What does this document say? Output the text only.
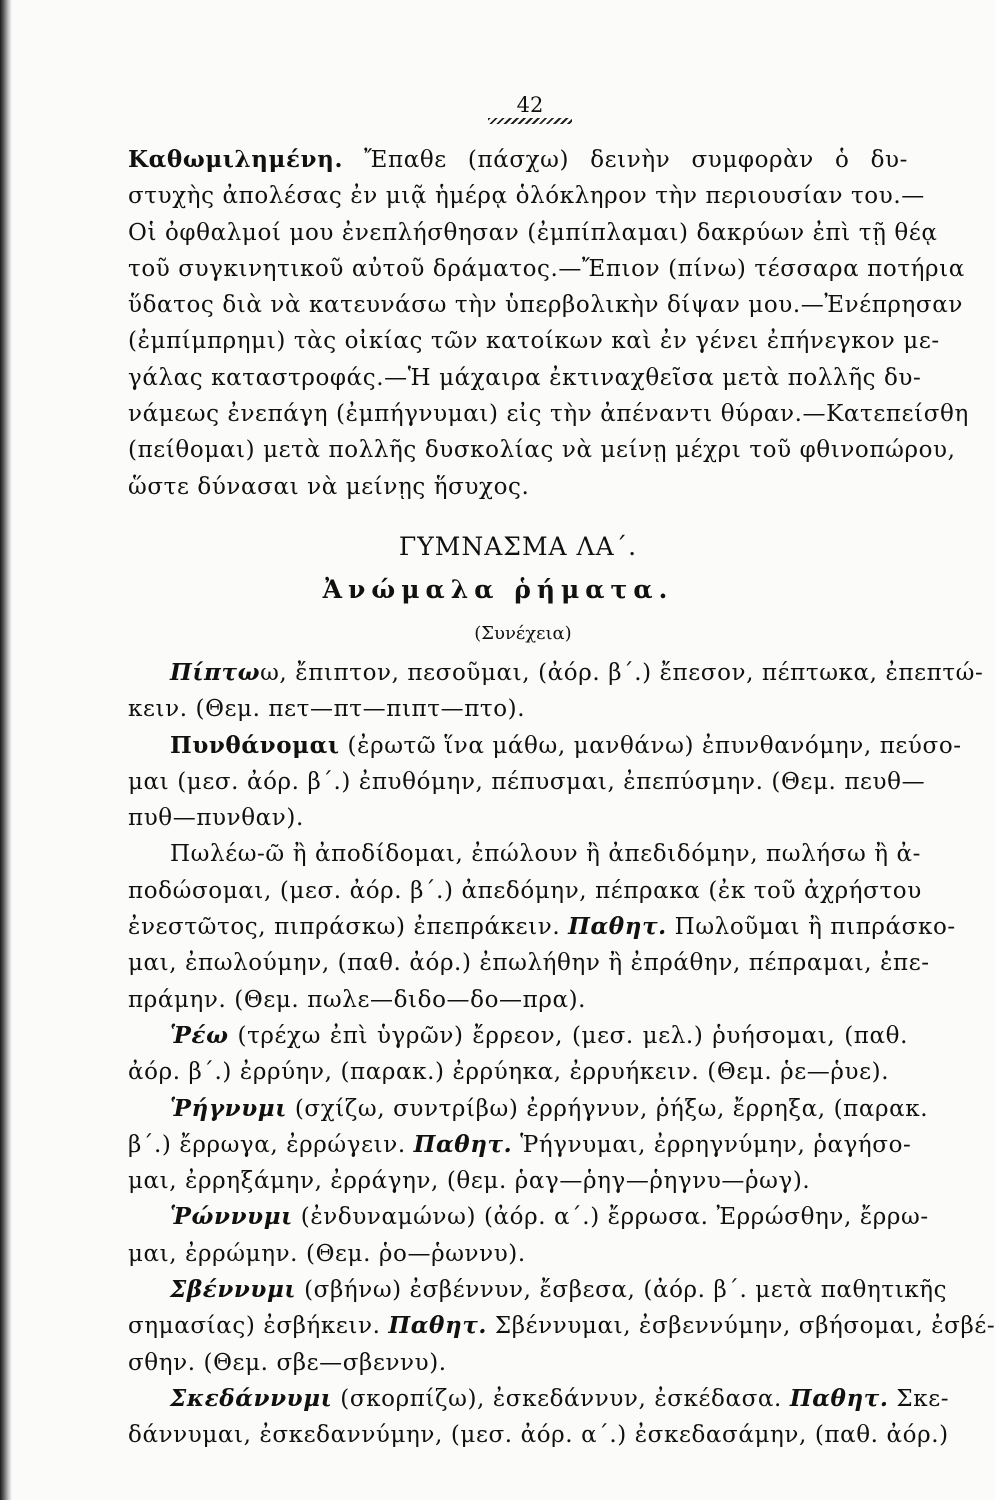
42
Καθωμιλημένη. Ἔπαθε (πάσχω) δεινὴν συμφορὰν ὁ δυ-
στυχὴς ἀπολέσας ἐν μιᾷ ἡμέρᾳ ὁλόκληρον τὴν περιουσίαν του.—
Οἱ ὀφθαλμοί μου ἐνεπλήσθησαν (ἐμπίπλαμαι) δακρύων ἐπὶ τῇ θέᾳ
τοῦ συγκινητικοῦ αὐτοῦ δράματος.—Ἔπιον (πίνω) τέσσαρα ποτήρια
ὕδατος διὰ νὰ κατευνάσω τὴν ὑπερβολικὴν δίψαν μου.—Ἐνέπρησαν
(ἐμπίμπρημι) τὰς οἰκίας τῶν κατοίκων καὶ ἐν γένει ἐπήνεγκον με-
γάλας καταστροφάς.—Ἡ μάχαιρα ἐκτιναχθεῖσα μετὰ πολλῆς δυ-
νάμεως ἐνεπάγη (ἐμπήγνυμαι) εἰς τὴν ἀπέναντι θύραν.—Κατεπείσθη
(πείθομαι) μετὰ πολλῆς δυσκολίας νὰ μείνῃ μέχρι τοῦ φθινοπώρου,
ὥστε δύνασαι νὰ μείνῃς ἥσυχος.
ΓΥΜΝΑΣΜΑ ΛΑ΄.
Ἀνώμαλα ῥήματα.
(Συνέχεια)
Πίπτωω, ἔπιπτον, πεσοῦμαι, (ἀόρ. β΄.) ἔπεσον, πέπτωκα, ἐπεπτώ-
κειν. (Θεμ. πετ—πτ—πιπτ—πτο).
Πυνθάνομαι (ἐρωτῶ ἵνα μάθω, μανθάνω) ἐπυνθανόμην, πεύσο-
μαι (μεσ. ἀόρ. β΄.) ἐπυθόμην, πέπυσμαι, ἐπεπύσμην. (Θεμ. πευθ—
πυθ—πυνθαν).
Πωλέω-ῶ ἢ ἀποδίδομαι, ἐπώλουν ἢ ἀπεδιδόμην, πωλήσω ἢ ἀ-
ποδώσομαι, (μεσ. ἀόρ. β΄.) ἀπεδόμην, πέπρακα (ἐκ τοῦ ἀχρήστου
ἐνεστῶτος, πιπράσκω) ἐπεπράκειν. Παθητ. Πωλοῦμαι ἢ πιπράσκο-
μαι, ἐπωλούμην, (παθ. ἀόρ.) ἐπωλήθην ἢ ἐπράθην, πέπραμαι, ἐπε-
πράμην. (Θεμ. πωλε—διδο—δο—πρα).
Ῥέω (τρέχω ἐπὶ ὑγρῶν) ἔρρεον, (μεσ. μελ.) ῥυήσομαι, (παθ.
ἀόρ. β΄.) ἐρρύην, (παρακ.) ἐρρύηκα, ἐρρυήκειν. (Θεμ. ῥε—ῥυε).
Ῥήγνυμι (σχίζω, συντρίβω) ἐρρήγνυν, ῥήξω, ἔρρηξα, (παρακ.
β΄.) ἔρρωγα, ἐρρώγειν. Παθητ. Ῥήγνυμαι, ἐρρηγνύμην, ῥαγήσο-
μαι, ἐρρηξάμην, ἐρράγην, (θεμ. ῥαγ—ῥηγ—ῥηγνυ—ῥωγ).
Ῥώννυμι (ἐνδυναμώνω) (ἀόρ. α΄.) ἔρρωσα. Ἐρρώσθην, ἔρρω-
μαι, ἐρρώμην. (Θεμ. ῥο—ῥωννυ).
Σβέννυμι (σβήνω) ἐσβέννυν, ἔσβεσα, (ἀόρ. β΄. μετὰ παθητικῆς
σημασίας) ἐσβήκειν. Παθητ. Σβέννυμαι, ἐσβεννύμην, σβήσομαι, ἐσβέ-
σθην. (Θεμ. σβε—σβεννυ).
Σκεδάννυμι (σκορπίζω), ἐσκεδάννυν, ἐσκέδασα. Παθητ. Σκε-
δάννυμαι, ἐσκεδαννύμην, (μεσ. ἀόρ. α΄.) ἐσκεδασάμην, (παθ. ἀόρ.)
